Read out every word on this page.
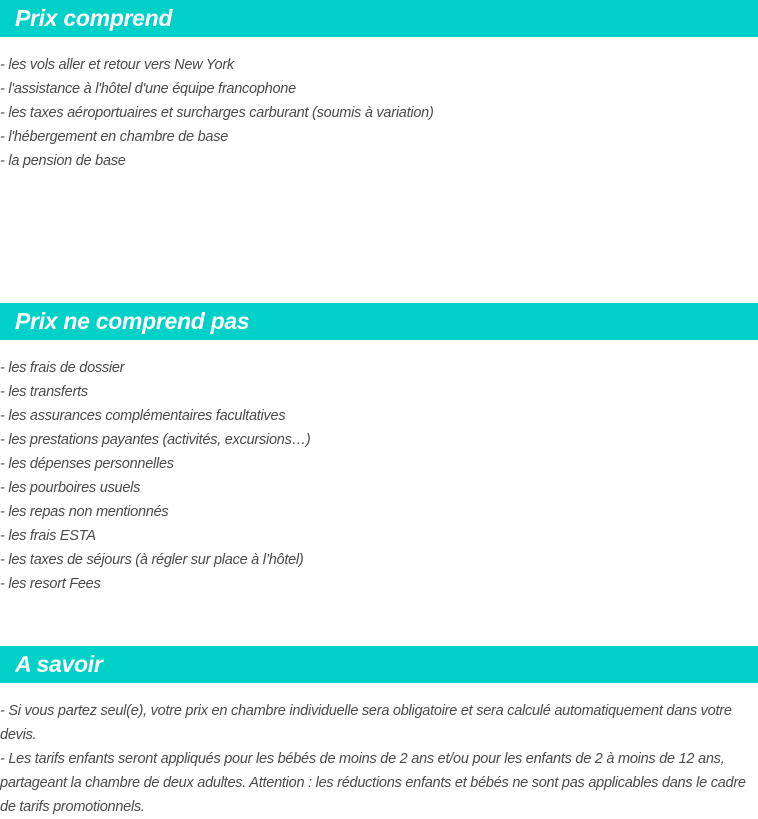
Prix comprend
- les vols aller et retour vers New York
- l'assistance à l'hôtel d'une équipe francophone
- les taxes aéroportuaires et surcharges carburant (soumis à variation)
- l'hébergement en chambre de base
- la pension de base
Prix ne comprend pas
- les frais de dossier
- les transferts
- les assurances complémentaires facultatives
- les prestations payantes (activités, excursions…)
- les dépenses personnelles
- les pourboires usuels
- les repas non mentionnés
- les frais ESTA
- les taxes de séjours (à régler sur place à l’hôtel)
- les resort Fees
A savoir

- Si vous partez seul(e), votre prix en chambre individuelle sera obligatoire et sera calculé automatiquement dans votre devis.

- Les tarifs enfants seront appliqués pour les bébés de moins de 2 ans et/ou pour les enfants de 2 à moins de 12 ans, partageant la chambre de deux adultes. Attention : les réductions enfants et bébés ne sont pas applicables dans le cadre de tarifs promotionnels.
